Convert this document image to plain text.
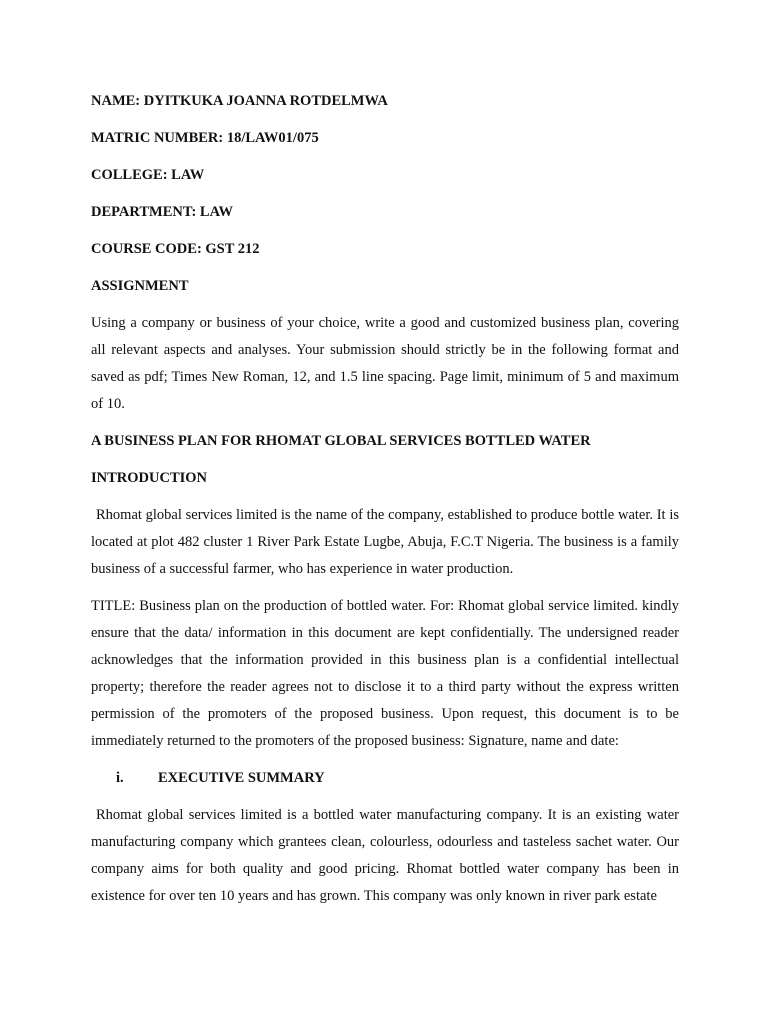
NAME: DYITKUKA JOANNA ROTDELMWA
MATRIC NUMBER: 18/LAW01/075
COLLEGE: LAW
DEPARTMENT: LAW
COURSE CODE: GST 212
ASSIGNMENT

Using a company or business of your choice, write a good and customized business plan, covering all relevant aspects and analyses. Your submission should strictly be in the following format and saved as pdf; Times New Roman, 12, and 1.5 line spacing. Page limit, minimum of 5 and maximum of 10.

A BUSINESS PLAN FOR RHOMAT GLOBAL SERVICES BOTTLED WATER
INTRODUCTION

Rhomat global services limited is the name of the company, established to produce bottle water. It is located at plot 482 cluster 1 River Park Estate Lugbe, Abuja, F.C.T Nigeria. The business is a family business of a successful farmer, who has experience in water production.

TITLE: Business plan on the production of bottled water. For: Rhomat global service limited. kindly ensure that the data/ information in this document are kept confidentially. The undersigned reader acknowledges that the information provided in this business plan is a confidential intellectual property; therefore the reader agrees not to disclose it to a third party without the express written permission of the promoters of the proposed business. Upon request, this document is to be immediately returned to the promoters of the proposed business: Signature, name and date:

i.	EXECUTIVE SUMMARY

Rhomat global services limited is a bottled water manufacturing company. It is an existing water manufacturing company which grantees clean, colourless, odourless and tasteless sachet water. Our company aims for both quality and good pricing. Rhomat bottled water company has been in existence for over ten 10 years and has grown. This company was only known in river park estate
